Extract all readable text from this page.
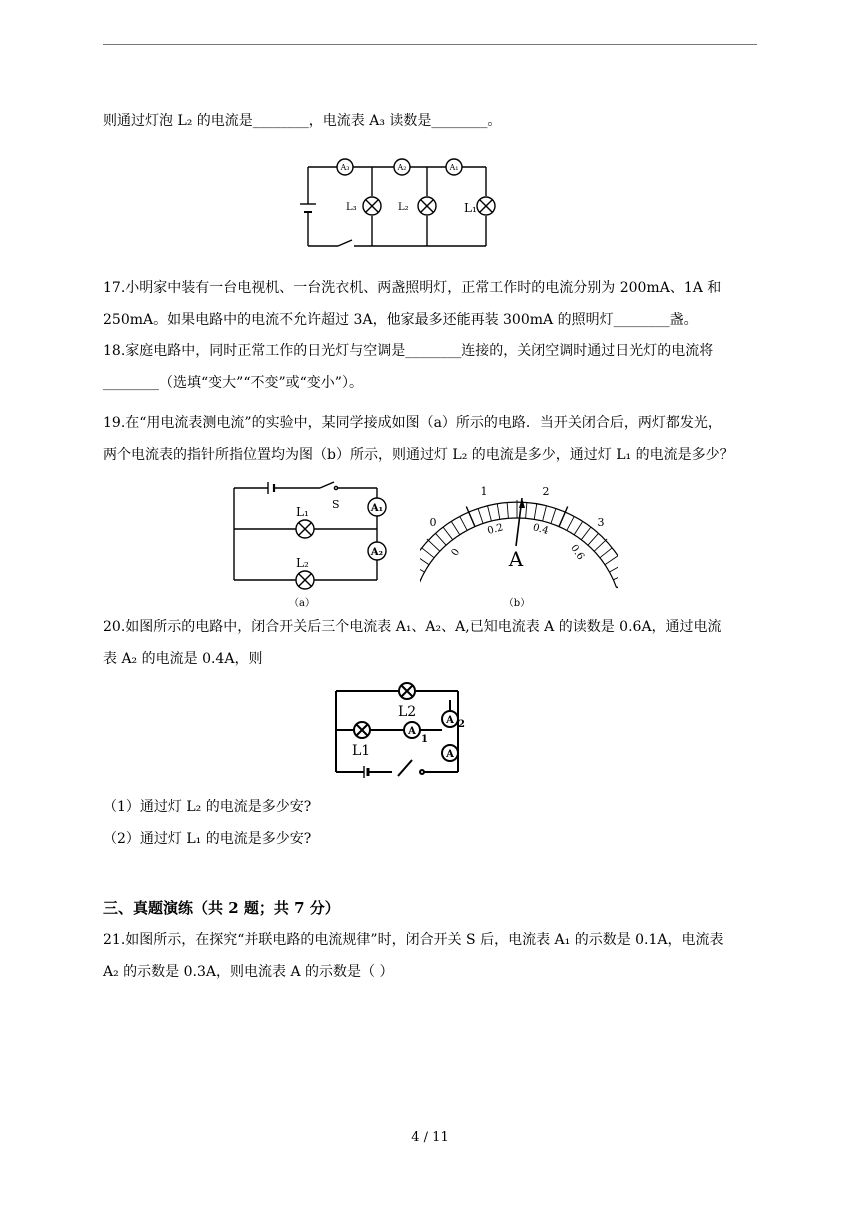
则通过灯泡 L₂ 的电流是________，电流表 A₃ 读数是________。
A₃	A₂	A₁
L₃	L₂	L₁
17.小明家中装有一台电视机、一台洗衣机、两盏照明灯，正常工作时的电流分别为 200mA、1A 和
250mA。如果电路中的电流不允许超过 3A，他家最多还能再装 300mA 的照明灯________盏。
18.家庭电路中，同时正常工作的日光灯与空调是________连接的，关闭空调时通过日光灯的电流将
________（选填“变大”“不变”或“变小”）。
19.在“用电流表测电流”的实验中，某同学接成如图（a）所示的电路．当开关闭合后，两灯都发光，
两个电流表的指针所指位置均为图（b）所示，则通过灯 L₂ 的电流是多少，通过灯 L₁ 的电流是多少？
S
L₁
L₂
A₁
A₂
（a）
0
1	2
3
0
0.2	0.4
0.6
A
（b）
20.如图所示的电路中，闭合开关后三个电流表 A₁、A₂、A,已知电流表 A 的读数是 0.6A，通过电流
表 A₂ 的电流是 0.4A，则
L2
L1
A 2
A
1
A
（1）通过灯 L₂ 的电流是多少安?
（2）通过灯 L₁ 的电流是多少安?
三、真题演练（共 2 题；共 7 分）
21.如图所示，在探究“并联电路的电流规律”时，闭合开关 S 后，电流表 A₁ 的示数是 0.1A，电流表
A₂ 的示数是 0.3A，则电流表 A 的示数是（ ）
4 / 11
